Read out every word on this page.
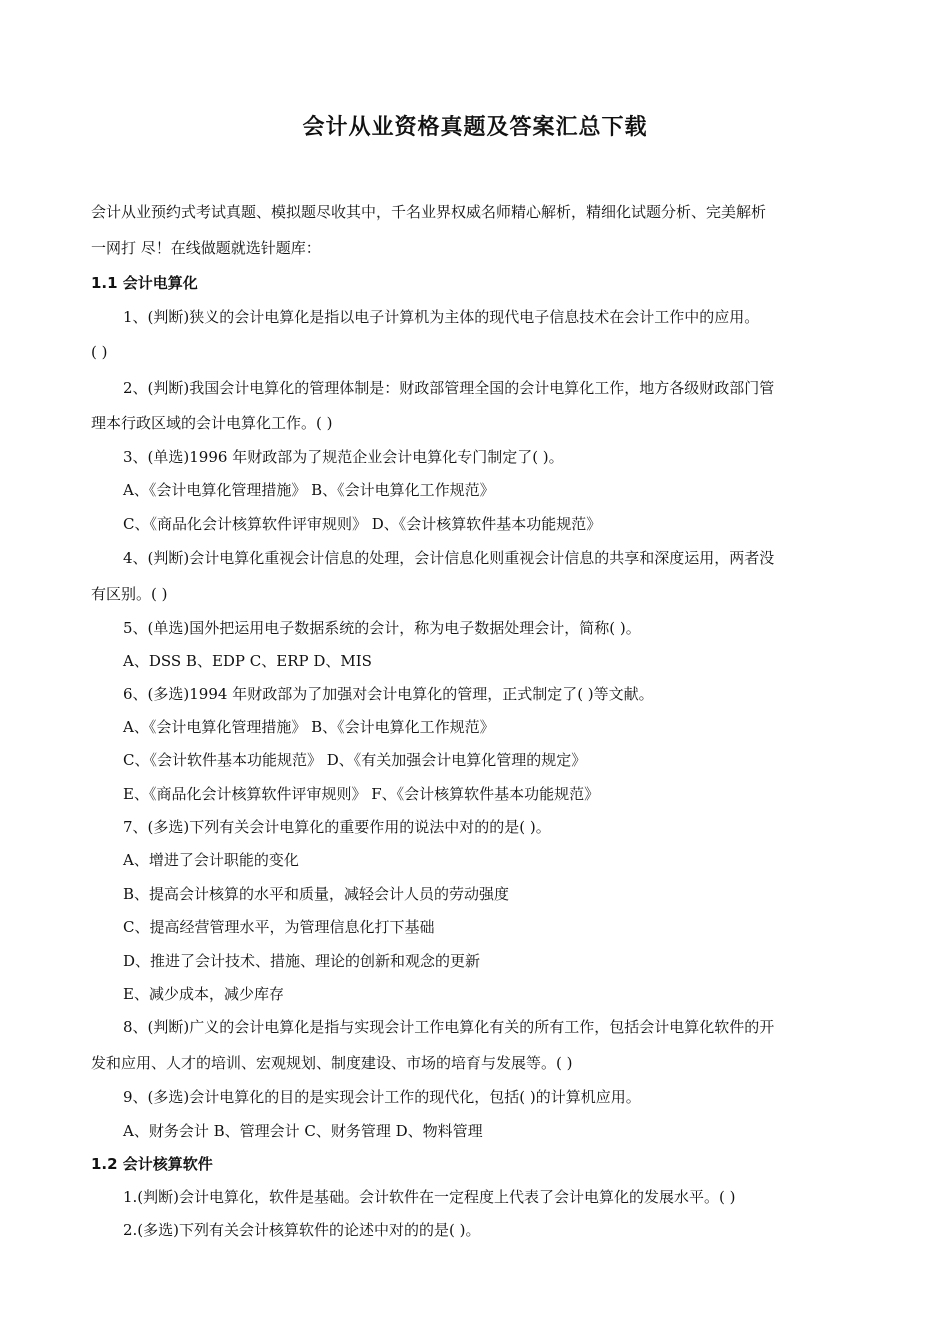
会计从业资格真题及答案汇总下载
会计从业预约式考试真题、模拟题尽收其中，千名业界权威名师精心解析，精细化试题分析、完美解析
一网打 尽！在线做题就选针题库：
1.1 会计电算化
1、(判断)狭义的会计电算化是指以电子计算机为主体的现代电子信息技术在会计工作中的应用。
( )
2、(判断)我国会计电算化的管理体制是：财政部管理全国的会计电算化工作，地方各级财政部门管
理本行政区域的会计电算化工作。( )
3、(单选)1996 年财政部为了规范企业会计电算化专门制定了( )。
A、《会计电算化管理措施》 B、《会计电算化工作规范》
C、《商品化会计核算软件评审规则》 D、《会计核算软件基本功能规范》
4、(判断)会计电算化重视会计信息的处理，会计信息化则重视会计信息的共享和深度运用，两者没
有区别。( )
5、(单选)国外把运用电子数据系统的会计，称为电子数据处理会计，简称( )。
A、DSS B、EDP C、ERP D、MIS
6、(多选)1994 年财政部为了加强对会计电算化的管理，正式制定了( )等文献。
A、《会计电算化管理措施》 B、《会计电算化工作规范》
C、《会计软件基本功能规范》 D、《有关加强会计电算化管理的规定》
E、《商品化会计核算软件评审规则》 F、《会计核算软件基本功能规范》
7、(多选)下列有关会计电算化的重要作用的说法中对的的是( )。
A、增进了会计职能的变化
B、提高会计核算的水平和质量，减轻会计人员的劳动强度
C、提高经营管理水平，为管理信息化打下基础
D、推进了会计技术、措施、理论的创新和观念的更新
E、减少成本，减少库存
8、(判断)广义的会计电算化是指与实现会计工作电算化有关的所有工作，包括会计电算化软件的开
发和应用、人才的培训、宏观规划、制度建设、市场的培育与发展等。( )
9、(多选)会计电算化的目的是实现会计工作的现代化，包括( )的计算机应用。
A、财务会计 B、管理会计 C、财务管理 D、物料管理
1.2 会计核算软件
1.(判断)会计电算化，软件是基础。会计软件在一定程度上代表了会计电算化的发展水平。( )
2.(多选)下列有关会计核算软件的论述中对的的是( )。
